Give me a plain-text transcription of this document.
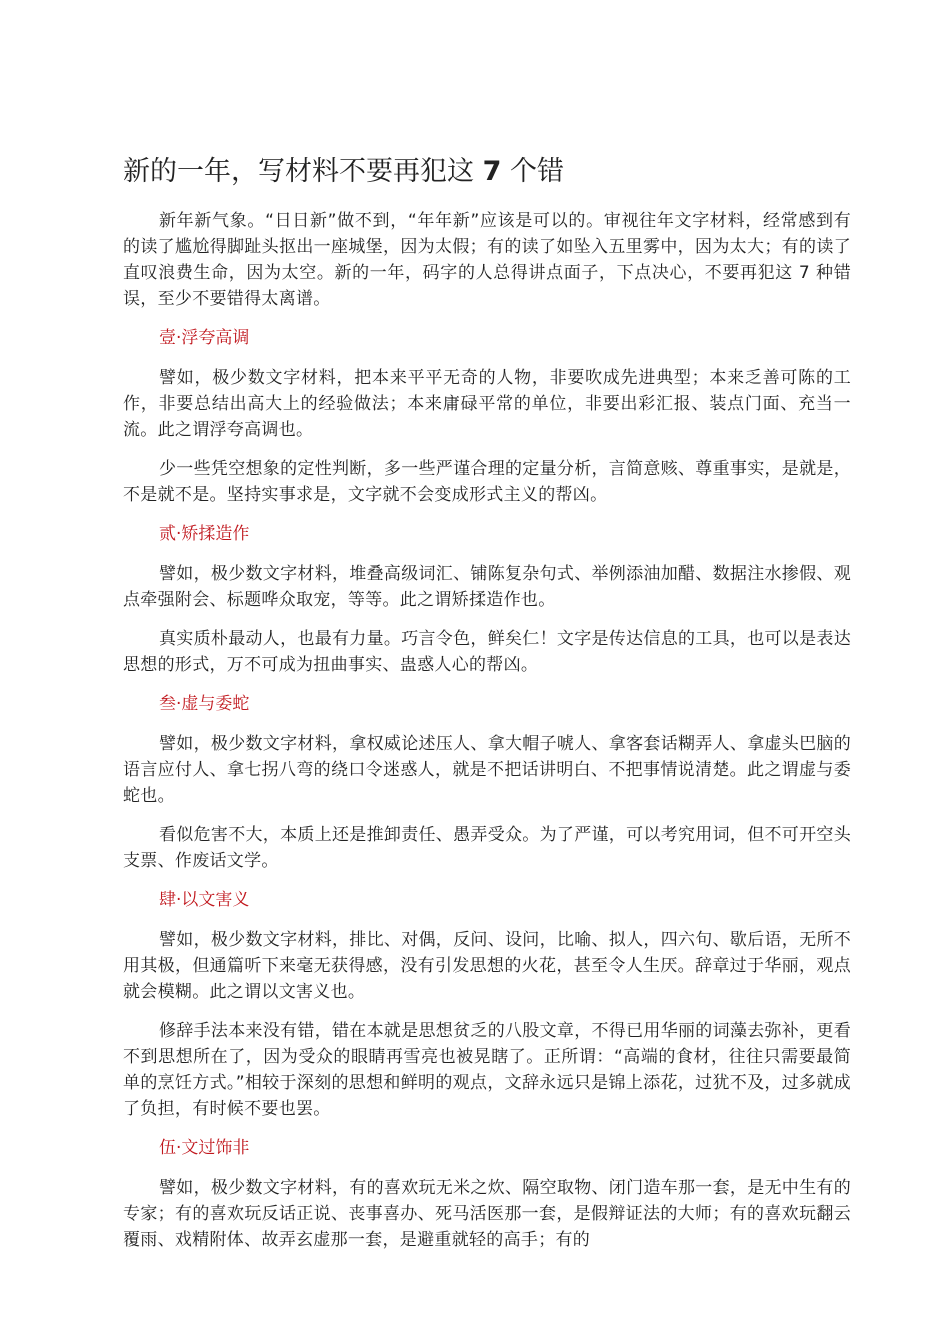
新的一年，写材料不要再犯这 7 个错

新年新气象。“日日新”做不到，“年年新”应该是可以的。审视往年文字材料，经常感到有的读了尴尬得脚趾头抠出一座城堡，因为太假；有的读了如坠入五里雾中，因为太大；有的读了直叹浪费生命，因为太空。新的一年，码字的人总得讲点面子，下点决心，不要再犯这 7 种错误，至少不要错得太离谱。

壹·浮夸高调

譬如，极少数文字材料，把本来平平无奇的人物，非要吹成先进典型；本来乏善可陈的工作，非要总结出高大上的经验做法；本来庸碌平常的单位，非要出彩汇报、装点门面、充当一流。此之谓浮夸高调也。

少一些凭空想象的定性判断，多一些严谨合理的定量分析，言简意赅、尊重事实，是就是，不是就不是。坚持实事求是，文字就不会变成形式主义的帮凶。

贰·矫揉造作

譬如，极少数文字材料，堆叠高级词汇、铺陈复杂句式、举例添油加醋、数据注水掺假、观点牵强附会、标题哗众取宠，等等。此之谓矫揉造作也。

真实质朴最动人，也最有力量。巧言令色，鲜矣仁！文字是传达信息的工具，也可以是表达思想的形式，万不可成为扭曲事实、蛊惑人心的帮凶。

叁·虚与委蛇

譬如，极少数文字材料，拿权威论述压人、拿大帽子唬人、拿客套话糊弄人、拿虚头巴脑的语言应付人、拿七拐八弯的绕口令迷惑人，就是不把话讲明白、不把事情说清楚。此之谓虚与委蛇也。

看似危害不大，本质上还是推卸责任、愚弄受众。为了严谨，可以考究用词，但不可开空头支票、作废话文学。

肆·以文害义

譬如，极少数文字材料，排比、对偶，反问、设问，比喻、拟人，四六句、歇后语，无所不用其极，但通篇听下来毫无获得感，没有引发思想的火花，甚至令人生厌。辞章过于华丽，观点就会模糊。此之谓以文害义也。

修辞手法本来没有错，错在本就是思想贫乏的八股文章，不得已用华丽的词藻去弥补，更看不到思想所在了，因为受众的眼睛再雪亮也被晃瞎了。正所谓：“高端的食材，往往只需要最简单的烹饪方式。”相较于深刻的思想和鲜明的观点，文辞永远只是锦上添花，过犹不及，过多就成了负担，有时候不要也罢。

伍·文过饰非

譬如，极少数文字材料，有的喜欢玩无米之炊、隔空取物、闭门造车那一套，是无中生有的专家；有的喜欢玩反话正说、丧事喜办、死马活医那一套，是假辩证法的大师；有的喜欢玩翻云覆雨、戏精附体、故弄玄虚那一套，是避重就轻的高手；有的
